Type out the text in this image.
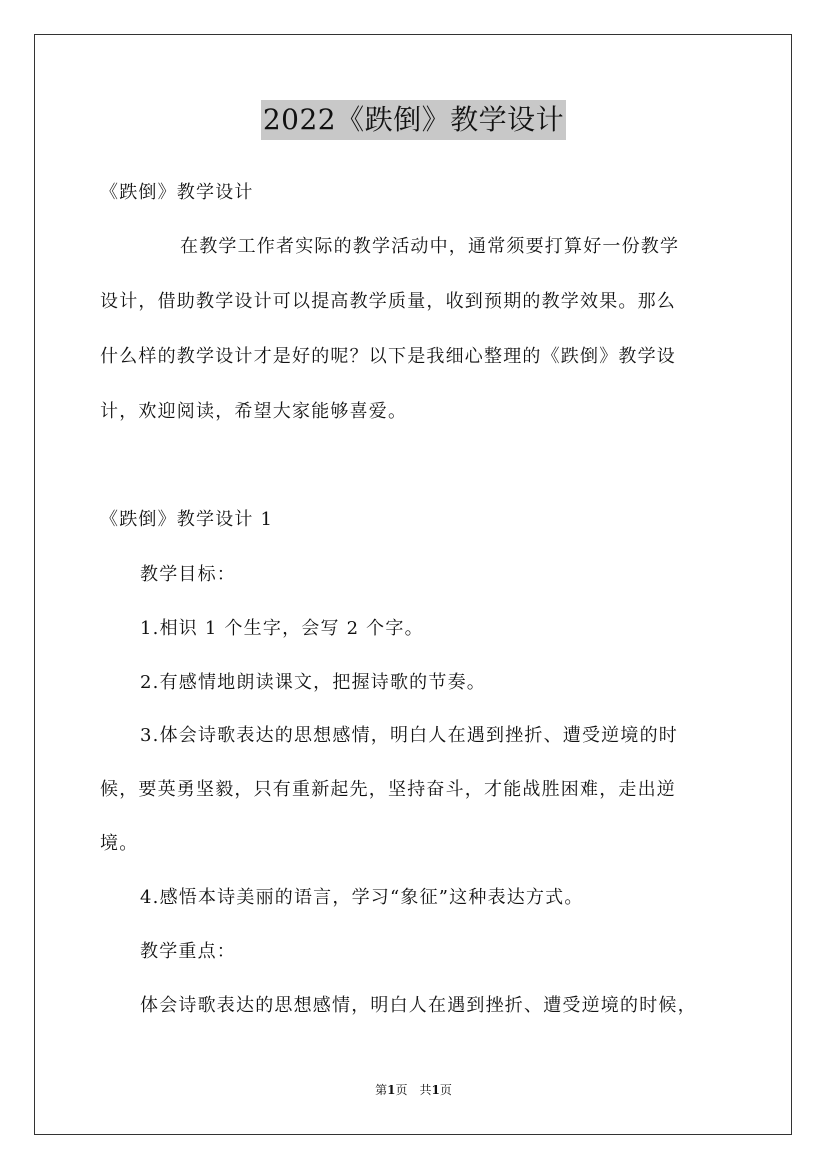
2022《跌倒》教学设计
《跌倒》教学设计
在教学工作者实际的教学活动中，通常须要打算好一份教学
设计，借助教学设计可以提高教学质量，收到预期的教学效果。那么
什么样的教学设计才是好的呢？以下是我细心整理的《跌倒》教学设
计，欢迎阅读，希望大家能够喜爱。
《跌倒》教学设计 1
教学目标：
1.相识 1 个生字，会写 2 个字。
2.有感情地朗读课文，把握诗歌的节奏。
3.体会诗歌表达的思想感情，明白人在遇到挫折、遭受逆境的时
候，要英勇坚毅，只有重新起先，坚持奋斗，才能战胜困难，走出逆
境。
4.感悟本诗美丽的语言，学习“象征”这种表达方式。
教学重点：
体会诗歌表达的思想感情，明白人在遇到挫折、遭受逆境的时候，
第1页　共1页
